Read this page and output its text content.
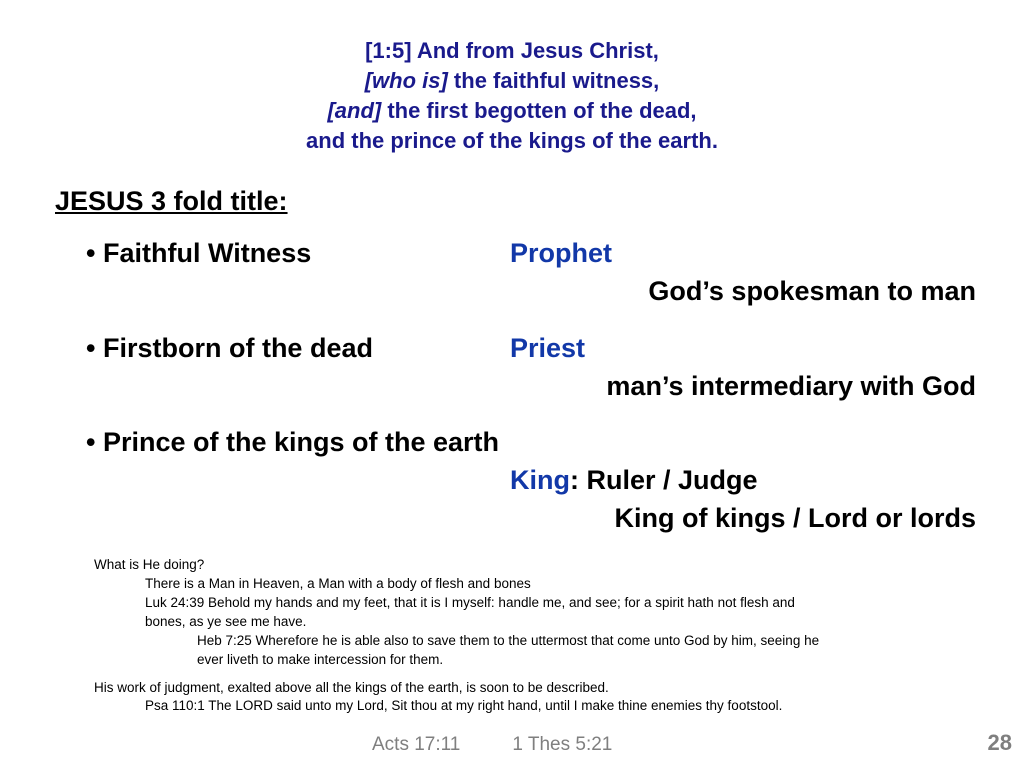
[1:5] And from Jesus Christ,
[who is] the faithful witness,
[and] the first begotten of the dead,
and the prince of the kings of the earth.
JESUS 3 fold title:
• Faithful Witness	Prophet
God’s spokesman to man
• Firstborn of the dead	Priest
man’s intermediary with God
• Prince of the kings of the earth
King: Ruler / Judge
King of kings / Lord or lords
What is He doing?
There is a Man in Heaven, a Man with a body of flesh and bones
Luk 24:39 Behold my hands and my feet, that it is I myself: handle me, and see; for a spirit hath not flesh and
bones, as ye see me have.
Heb 7:25 Wherefore he is able also to save them to the uttermost that come unto God by him, seeing he
ever liveth to make intercession for them.
His work of judgment, exalted above all the kings of the earth, is soon to be described.
Psa 110:1 The LORD said unto my Lord, Sit thou at my right hand, until I make thine enemies thy footstool.
Acts 17:11	1 Thes 5:21	28
